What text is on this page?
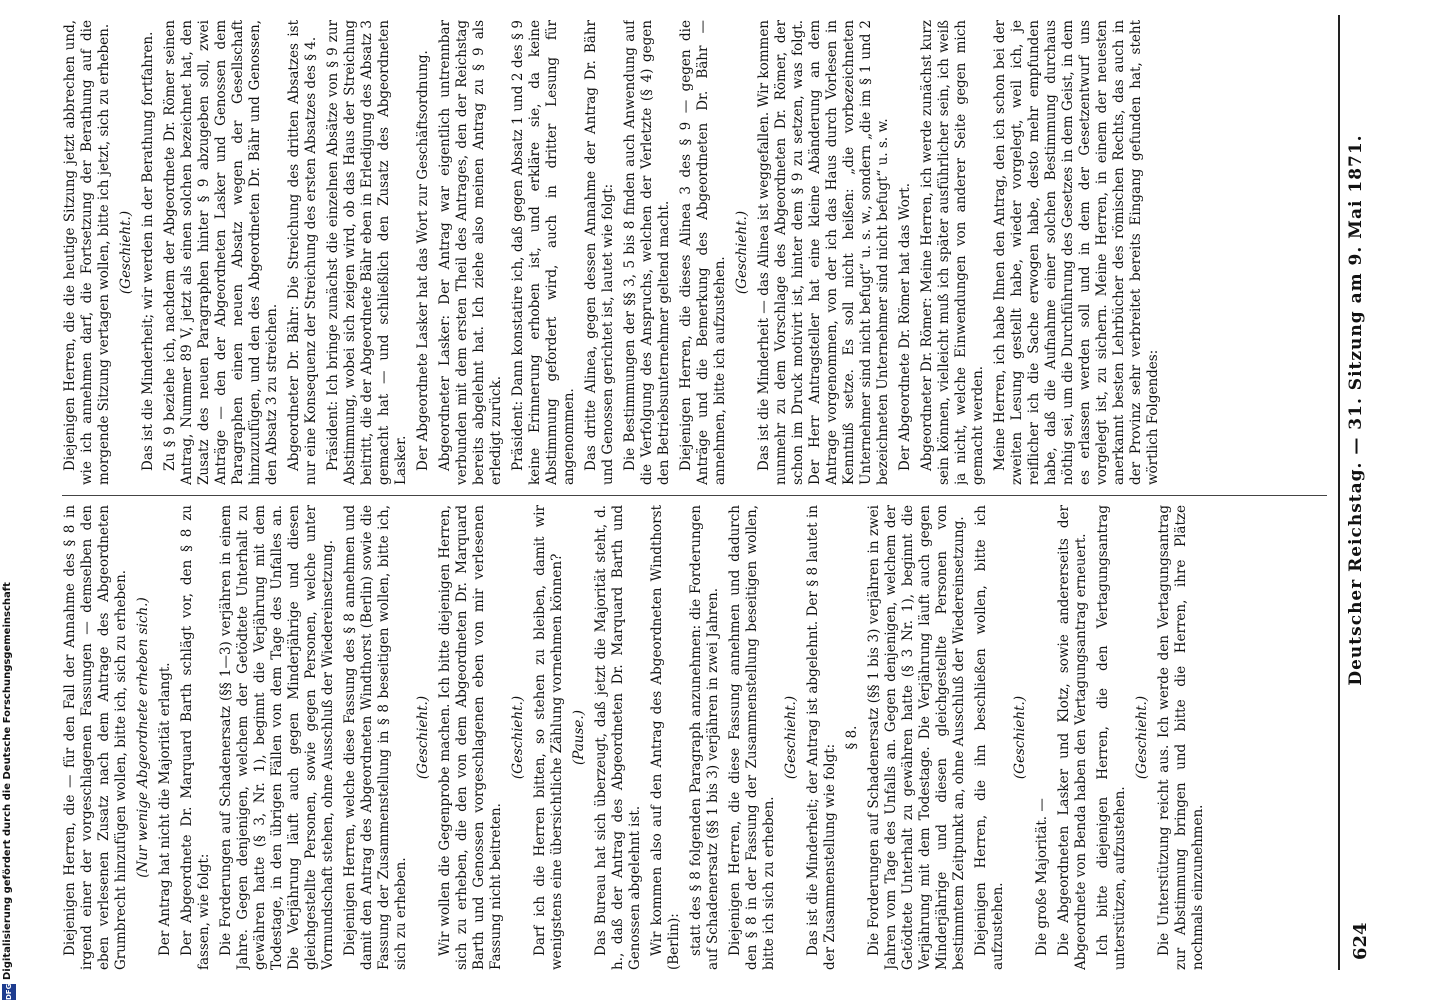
624
Deutscher Reichstag. — 31. Sitzung am 9. Mai 1871.

Diejenigen Herren, die — für den Fall der Annahme des § 8 in irgend einer der vorgeschlagenen Fassungen — demselben den eben verlesenen Zusatz nach dem Antrage des Abgeordneten Grumbrecht hinzufügen wollen, bitte ich, sich zu erheben. (Nur wenige Abgeordnete erheben sich.) Der Antrag hat nicht die Majorität erlangt. Der Abgeordnete Dr. Marquard Barth schlägt vor, den § 8 zu fassen, wie folgt: Die Forderungen auf Schadenersatz (§§ 1—3) verjähren in einem Jahre. Gegen denjenigen, welchem der Getödtete Unterhalt zu gewähren hatte (§ 3, Nr. 1), beginnt die Verjährung mit dem Todestage, in den übrigen Fällen von dem Tage des Unfalles an. Die Verjährung läuft auch gegen Minderjährige und diesen gleichgestellte Personen, sowie gegen Personen, welche unter Vormundschaft stehen, ohne Ausschluß der Wiedereinsetzung. Diejenigen Herren, welche diese Fassung des § 8 annehmen und damit den Antrag des Abgeordneten Windthorst (Berlin) sowie die Fassung der Zusammenstellung in § 8 beseitigen wollen, bitte ich, sich zu erheben.

(Geschieht.) Wir wollen die Gegenprobe machen. Ich bitte diejenigen Herren, sich zu erheben, die den von dem Abgeordneten Dr. Marquard Barth und Genossen vorgeschlagenen eben von mir verlesenen Fassung nicht beitreten.

(Geschieht.) Darf ich die Herren bitten, so stehen zu bleiben, damit wir wenigstens eine übersichtliche Zählung vornehmen können? (Pause.) Das Bureau hat sich überzeugt, daß jetzt die Majorität steht, d. h., daß der Antrag des Abgeordneten Dr. Marquard Barth und Genossen abgelehnt ist. Wir kommen also auf den Antrag des Abgeordneten Windthorst (Berlin): statt des § 8 folgenden Paragraph anzunehmen: die Forderungen auf Schadenersatz (§§ 1 bis 3) verjähren in zwei Jahren. Diejenigen Herren, die diese Fassung annehmen und dadurch den § 8 in der Fassung der Zusammenstellung beseitigen wollen, bitte ich sich zu erheben.

(Geschieht.) Das ist die Minderheit; der Antrag ist abgelehnt. Der § 8 lautet in der Zusammenstellung wie folgt:

§ 8. Die Forderungen auf Schadenersatz (§§ 1 bis 3) verjähren in zwei Jahren vom Tage des Unfalls an. Gegen denjenigen, welchem der Getödtete Unterhalt zu gewähren hatte (§ 3 Nr. 1), beginnt die Verjährung mit dem Todestage. Die Verjährung läuft auch gegen Minderjährige und diesen gleichgestellte Personen von bestimmtem Zeitpunkt an, ohne Ausschluß der Wiedereinsetzung. Diejenigen Herren, die ihn beschließen wollen, bitte ich aufzustehen.

(Geschieht.)

Die große Majorität. — Die Abgeordneten Lasker und Klotz, sowie andererseits der Abgeordnete von Benda haben den Vertagungsantrag erneuert. Ich bitte diejenigen Herren, die den Vertagungsantrag unterstützen, aufzustehen.

(Geschieht.) Die Unterstützung reicht aus. Ich werde den Vertagungsantrag zur Abstimmung bringen und bitte die Herren, ihre Plätze nochmals einzunehmen.

Diejenigen Herren, die die heutige Sitzung jetzt abbrechen und, wie ich annehmen darf, die Fortsetzung der Berathung auf die morgende Sitzung vertagen wollen, bitte ich jetzt, sich zu erheben. (Geschieht.) Das ist die Minderheit; wir werden in der Berathung fortfahren. Zu § 9 beziehe ich, nachdem der Abgeordnete Dr. Römer seinen Antrag, Nummer 89 V, jetzt als einen solchen bezeichnet hat, den Zusatz des neuen Paragraphen hinter § 9 abzugeben soll, zwei Anträge — den der Abgeordneten Lasker und Genossen dem Paragraphen einen neuen Absatz wegen der Gesellschaft hinzuzufügen, und den des Abgeordneten Dr. Bähr und Genossen, den Absatz 3 zu streichen. Abgeordneter Dr. Bähr: Die Streichung des dritten Absatzes ist nur eine Konsequenz der Streichung des ersten Absatzes des § 4. Präsident: Ich bringe zunächst die einzelnen Absätze von § 9 zur Abstimmung, wobei sich zeigen wird, ob das Haus der Streichung beitritt, die der Abgeordnete Bähr eben in Erledigung des Absatz 3 gemacht hat — und schließlich den Zusatz des Abgeordneten Lasker. Der Abgeordnete Lasker hat das Wort zur Geschäftsordnung. Abgeordneter Lasker: Der Antrag war eigentlich untrennbar verbunden mit dem ersten Theil des Antrages, den der Reichstag bereits abgelehnt hat. Ich ziehe also meinen Antrag zu § 9 als erledigt zurück. Präsident: Dann konstatire ich, daß gegen Absatz 1 und 2 des § 9 keine Erinnerung erhoben ist, und erkläre sie, da keine Abstimmung gefordert wird, auch in dritter Lesung für angenommen. Das dritte Alinea, gegen dessen Annahme der Antrag Dr. Bähr und Genossen gerichtet ist, lautet wie folgt: Die Bestimmungen der §§ 3, 5 bis 8 finden auch Anwendung auf die Verfolgung des Anspruchs, welchen der Verletzte (§ 4) gegen den Betriebsunternehmer geltend macht. Diejenigen Herren, die dieses Alinea 3 des § 9 — gegen die Anträge und die Bemerkung des Abgeordneten Dr. Bähr — annehmen, bitte ich aufzustehen.

(Geschieht.) Das ist die Minderheit — das Alinea ist weggefallen. Wir kommen nunmehr zu dem Vorschlage des Abgeordneten Dr. Römer, der schon im Druck motivirt ist, hinter dem § 9 zu setzen, was folgt. Der Herr Antragsteller hat eine kleine Abänderung an dem Antrage vorgenommen, von der ich das Haus durch Vorlesen in Kenntniß setze. Es soll nicht heißen: „die vorbezeichneten Unternehmer sind nicht befugt“ u. s. w., sondern „die im § 1 und 2 bezeichneten Unternehmer sind nicht befugt“ u. s. w. Der Abgeordnete Dr. Römer hat das Wort. Abgeordneter Dr. Römer: Meine Herren, ich werde zunächst kurz sein können, vielleicht muß ich später ausführlicher sein, ich weiß ja nicht, welche Einwendungen von anderer Seite gegen mich gemacht werden. Meine Herren, ich habe Ihnen den Antrag, den ich schon bei der zweiten Lesung gestellt habe, wieder vorgelegt, weil ich, je reiflicher ich die Sache erwogen habe, desto mehr empfunden habe, daß die Aufnahme einer solchen Bestimmung durchaus nöthig sei, um die Durchführung des Gesetzes in dem Geist, in dem es erlassen werden soll und in dem der Gesetzentwurf uns vorgelegt ist, zu sichern. Meine Herren, in einem der neuesten anerkannt besten Lehrbücher des römischen Rechts, das auch in der Provinz sehr verbreitet bereits Eingang gefunden hat, steht wörtlich Folgendes:

DFG
Digitalisierung gefördert durch die Deutsche Forschungsgemeinschaft
